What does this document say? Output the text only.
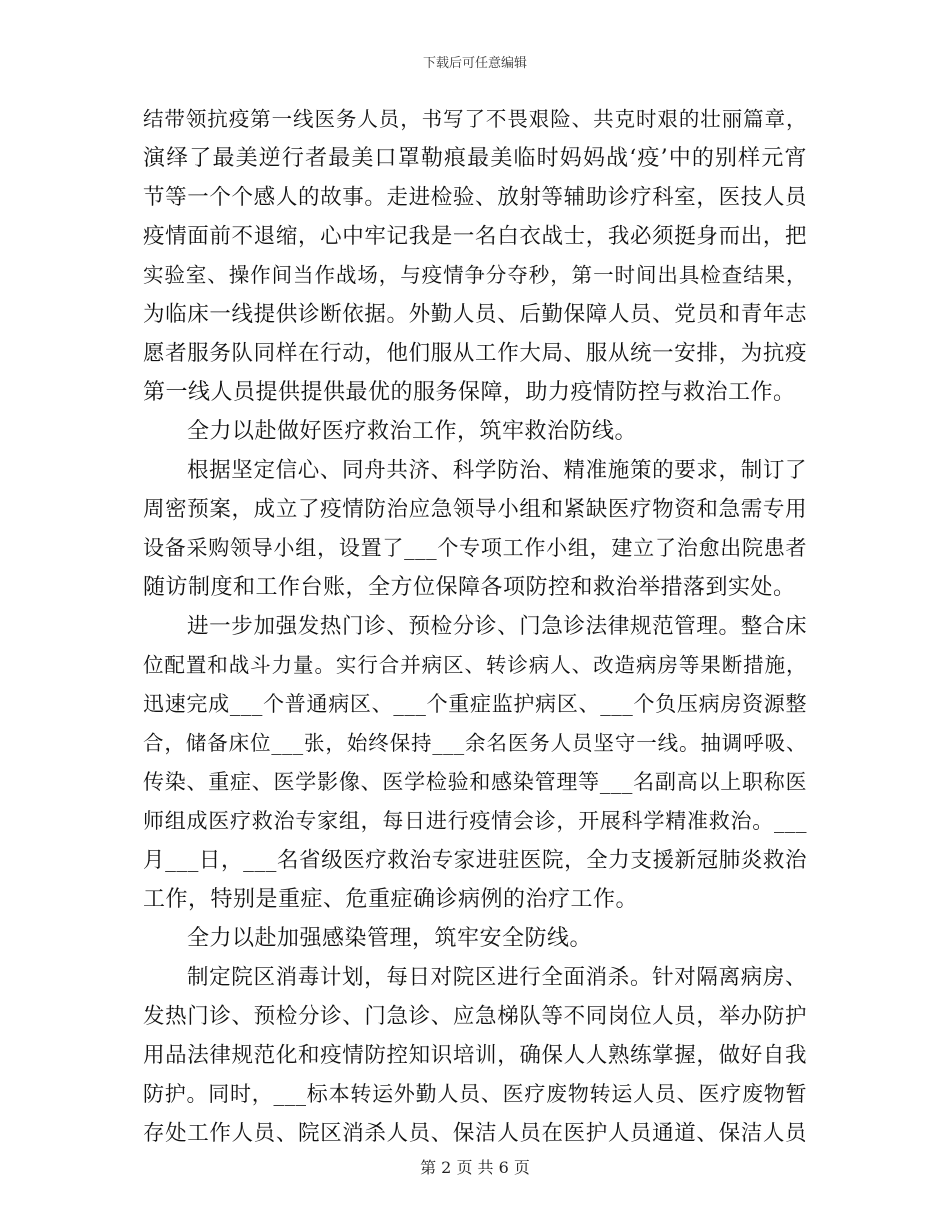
下载后可任意编辑
结带领抗疫第一线医务人员，书写了不畏艰险、共克时艰的壮丽篇章，
演绎了最美逆行者最美口罩勒痕最美临时妈妈战‘疫’中的别样元宵
节等一个个感人的故事。走进检验、放射等辅助诊疗科室，医技人员
疫情面前不退缩，心中牢记我是一名白衣战士，我必须挺身而出，把
实验室、操作间当作战场，与疫情争分夺秒，第一时间出具检查结果，
为临床一线提供诊断依据。外勤人员、后勤保障人员、党员和青年志
愿者服务队同样在行动，他们服从工作大局、服从统一安排，为抗疫
第一线人员提供提供最优的服务保障，助力疫情防控与救治工作。
全力以赴做好医疗救治工作，筑牢救治防线。
根据坚定信心、同舟共济、科学防治、精准施策的要求，制订了
周密预案，成立了疫情防治应急领导小组和紧缺医疗物资和急需专用
设备采购领导小组，设置了___个专项工作小组，建立了治愈出院患者
随访制度和工作台账，全方位保障各项防控和救治举措落到实处。
进一步加强发热门诊、预检分诊、门急诊法律规范管理。整合床
位配置和战斗力量。实行合并病区、转诊病人、改造病房等果断措施，
迅速完成___个普通病区、___个重症监护病区、___个负压病房资源整
合，储备床位___张，始终保持___余名医务人员坚守一线。抽调呼吸、
传染、重症、医学影像、医学检验和感染管理等___名副高以上职称医
师组成医疗救治专家组，每日进行疫情会诊，开展科学精准救治。___
月___日，___名省级医疗救治专家进驻医院，全力支援新冠肺炎救治
工作，特别是重症、危重症确诊病例的治疗工作。
全力以赴加强感染管理，筑牢安全防线。
制定院区消毒计划，每日对院区进行全面消杀。针对隔离病房、
发热门诊、预检分诊、门急诊、应急梯队等不同岗位人员，举办防护
用品法律规范化和疫情防控知识培训，确保人人熟练掌握，做好自我
防护。同时，___标本转运外勤人员、医疗废物转运人员、医疗废物暂
存处工作人员、院区消杀人员、保洁人员在医护人员通道、保洁人员
第 2 页 共 6 页
